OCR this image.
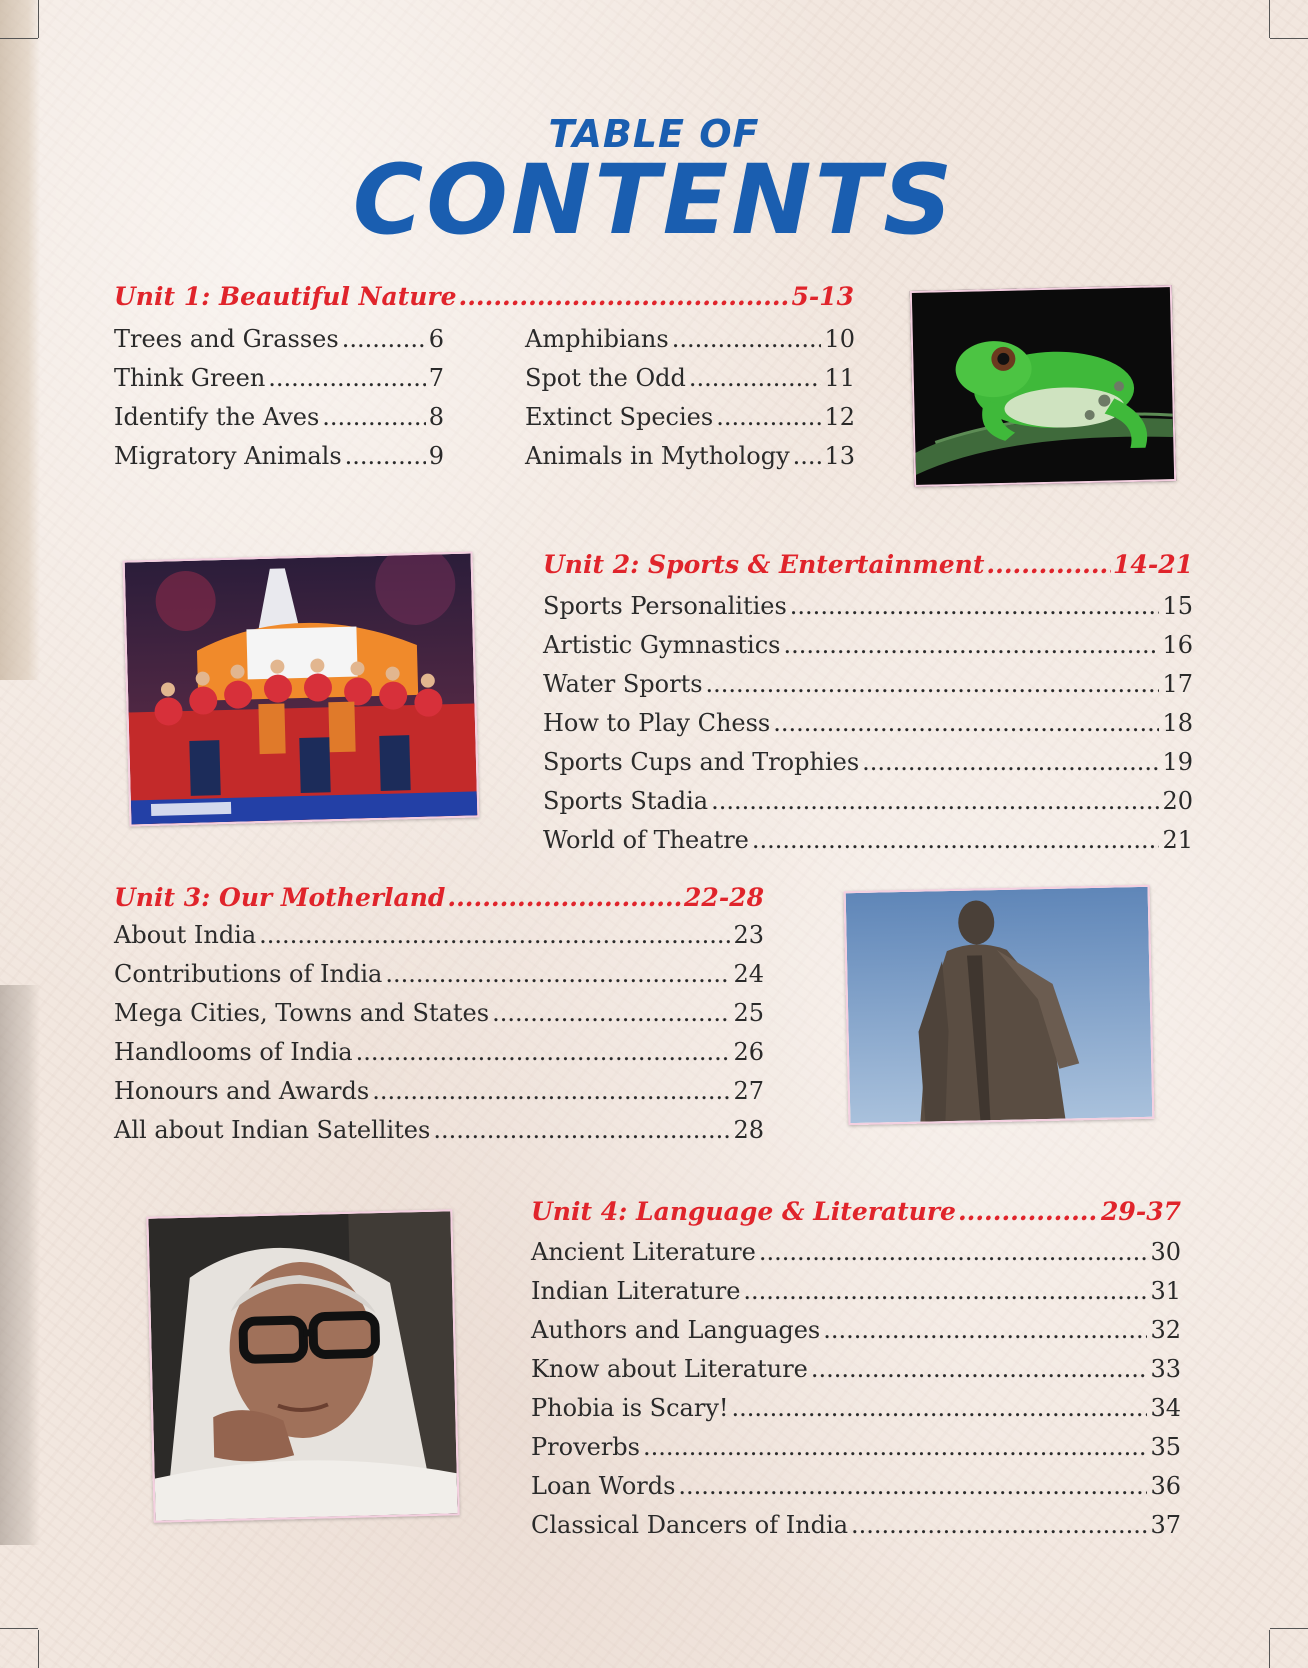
TABLE OF
CONTENTS
Unit 1: Beautiful Nature .....	5-13
Trees and Grasses .....	6
Think Green .....	7
Identify the Aves .....	8
Migratory Animals .....	9
Amphibians .....	10
Spot the Odd .....	11
Extinct Species .....	12
Animals in Mythology ..... 13
Unit 2: Sports & Entertainment .....	14-21
Sports Personalities .....	15
Artistic Gymnastics .....	16
Water Sports .....	17
How to Play Chess .....	18
Sports Cups and Trophies .....	19
Sports Stadia .....	20
World of Theatre .....	21
Unit 3: Our Motherland .....	22-28
About India .....	23
Contributions of India .....	24
Mega Cities, Towns and States .....	25
Handlooms of India .....	26
Honours and Awards .....	27
All about Indian Satellites .....	28
Unit 4: Language & Literature .....	29-37
Ancient Literature .....	30
Indian Literature .....	31
Authors and Languages .....	32
Know about Literature .....	33
Phobia is Scary! .....	34
Proverbs .....	35
Loan Words .....	36
Classical Dancers of India .....	37
